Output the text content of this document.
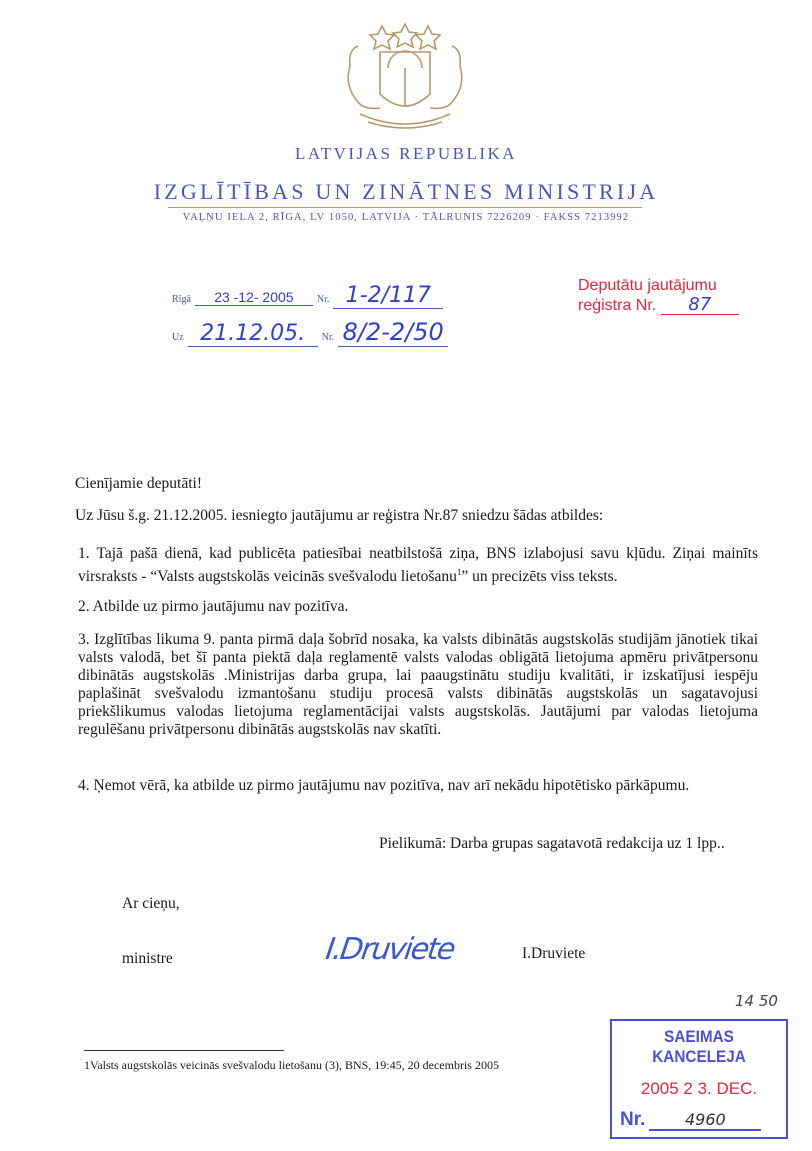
LATVIJAS REPUBLIKA
IZGLĪTĪBAS UN ZINĀTNES MINISTRIJA
VAĻŅU IELA 2, RĪGA, LV 1050, LATVIJA · TĀLRUNIS 7226209 · FAKSS 7213992
Rīgā 23 -12- 2005 Nr. 1-2/117
Uz 21.12.05. Nr. 8/2-2/50
Deputātu jautājumu
reģistra Nr. 87
Cienījamie deputāti!
Uz Jūsu š.g. 21.12.2005. iesniegto jautājumu ar reģistra Nr.87 sniedzu šādas atbildes:
1. Tajā pašā dienā, kad publicēta patiesībai neatbilstošā ziņa, BNS izlabojusi savu kļūdu. Ziņai mainīts virsraksts - “Valsts augstskolās veicinās svešvalodu lietošanu$^1$” un precizēts viss teksts.
2. Atbilde uz pirmo jautājumu nav pozitīva.
3. Izglītības likuma 9. panta pirmā daļa šobrīd nosaka, ka valsts dibinātās augstskolās studijām jānotiek tikai valsts valodā, bet šī panta piektā daļa reglamentē valsts valodas obligātā lietojuma apmēru privātpersonu dibinātās augstskolās .Ministrijas darba grupa, lai paaugstinātu studiju kvalitāti, ir izskatījusi iespēju paplašināt svešvalodu izmantošanu studiju procesā valsts dibinātās augstskolās un sagatavojusi priekšlikumus valodas lietojuma reglamentācijai valsts augstskolās. Jautājumi par valodas lietojuma regulēšanu privātpersonu dibinātās augstskolās nav skatīti.
4. Ņemot vērā, ka atbilde uz pirmo jautājumu nav pozitīva, nav arī nekādu hipotētisko pārkāpumu.
Pielikumā: Darba grupas sagatavotā redakcija uz 1 lpp..
Ar cieņu,
ministre	I.Druviete	I.Druviete
1Valsts augstskolās veicinās svešvalodu lietošanu (3), BNS, 19:45, 20 decembris 2005
14 50
SAEIMAS KANCELEJA
2005 2 3. DEC.
Nr. 4960
